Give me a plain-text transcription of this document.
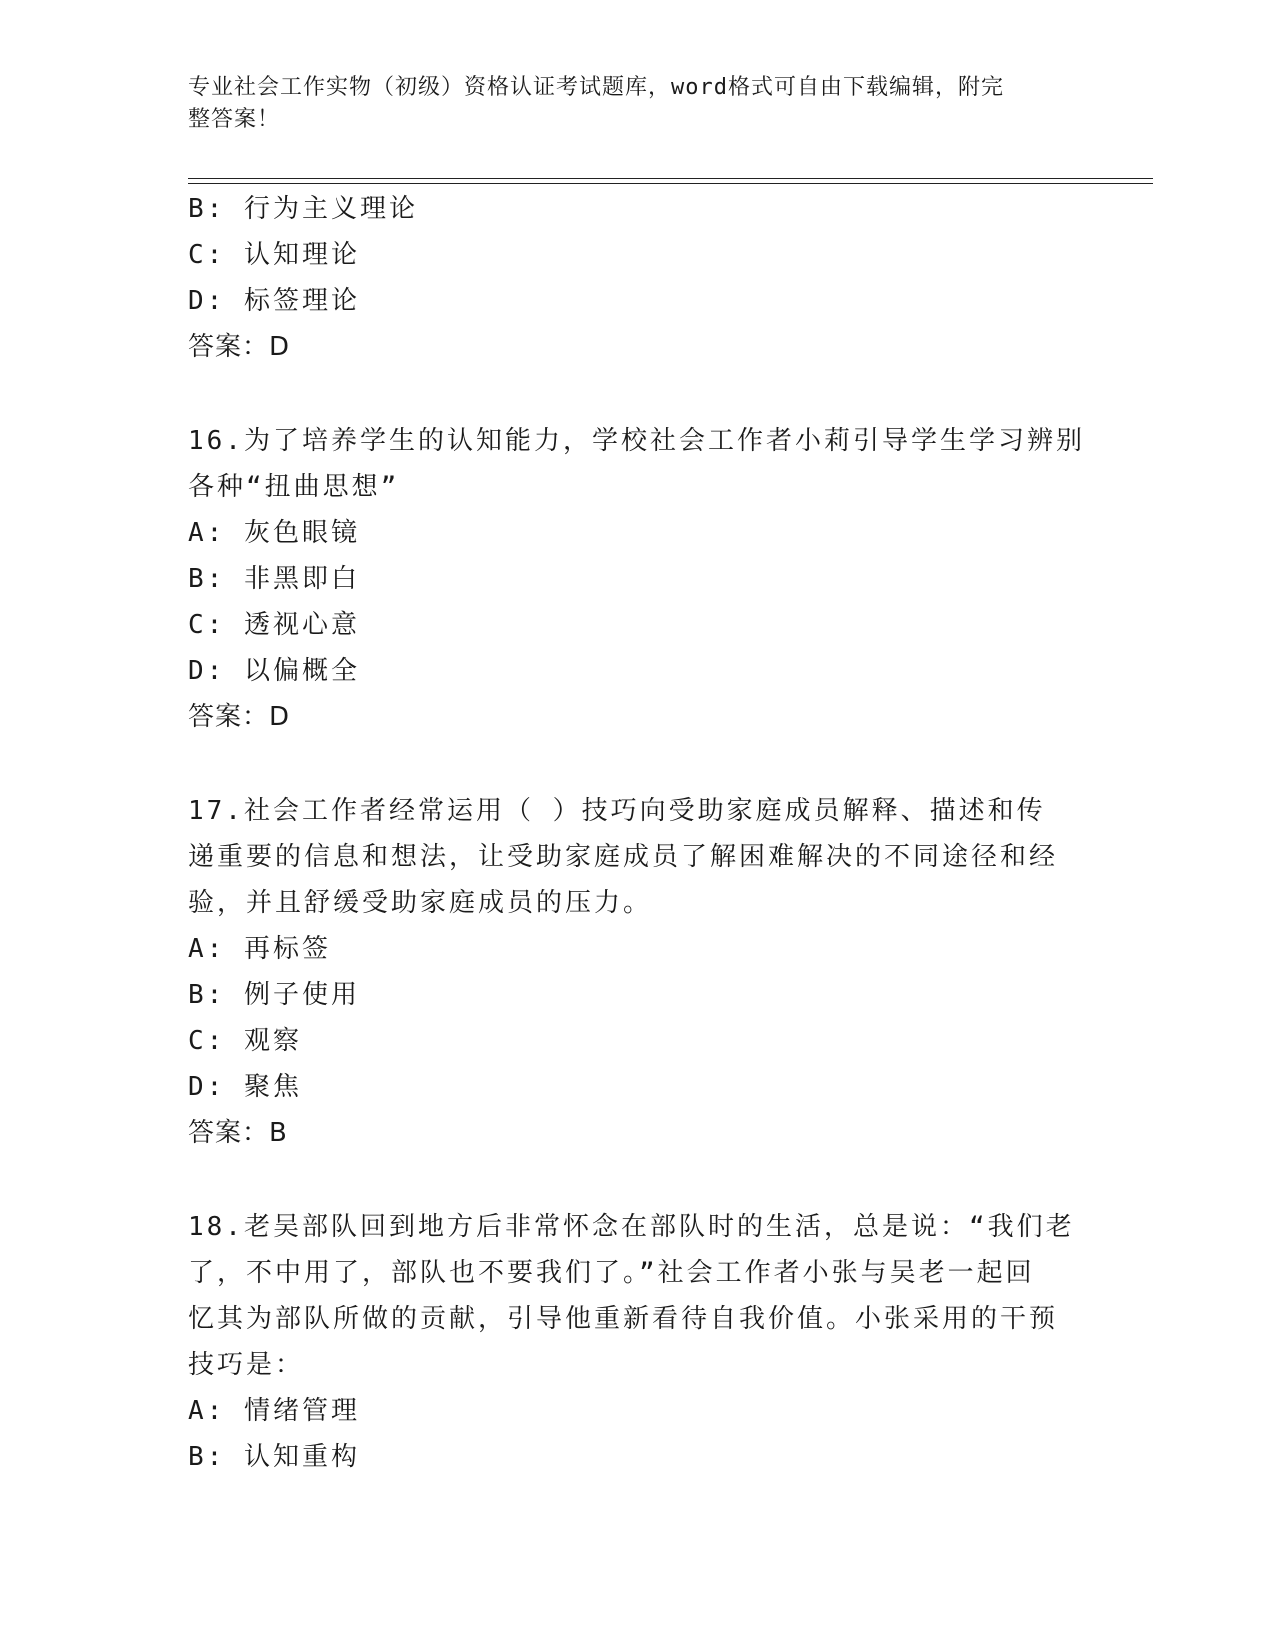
专业社会工作实物（初级）资格认证考试题库，word格式可自由下载编辑，附完
整答案！
B: 行为主义理论
C: 认知理论
D: 标签理论
答案：D
16.为了培养学生的认知能力，学校社会工作者小莉引导学生学习辨别
各种“扭曲思想”
A: 灰色眼镜
B: 非黑即白
C: 透视心意
D: 以偏概全
答案：D
17.社会工作者经常运用（ ）技巧向受助家庭成员解释、描述和传
递重要的信息和想法，让受助家庭成员了解困难解决的不同途径和经
验，并且舒缓受助家庭成员的压力。
A: 再标签
B: 例子使用
C: 观察
D: 聚焦
答案：B
18.老吴部队回到地方后非常怀念在部队时的生活，总是说：“我们老
了，不中用了，部队也不要我们了。”社会工作者小张与吴老一起回
忆其为部队所做的贡献，引导他重新看待自我价值。小张采用的干预
技巧是：
A: 情绪管理
B: 认知重构
